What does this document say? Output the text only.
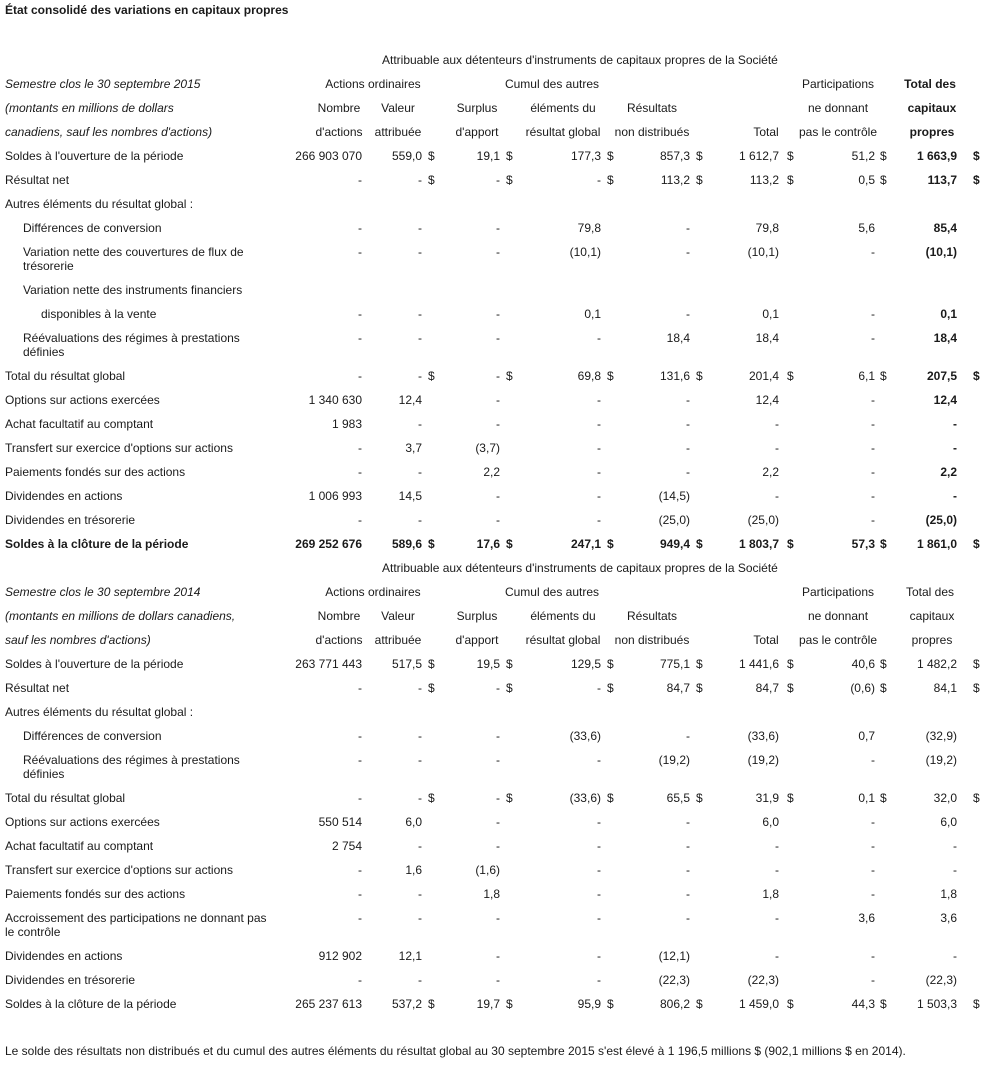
État consolidé des variations en capitaux propres
Attribuable aux détenteurs d'instruments de capitaux propres de la Société
Semestre clos le 30 septembre 2015	Actions ordinaires	Cumul des autres	Participations	Total des
(montants en millions de dollars	Nombre	Valeur	Surplus	éléments du	Résultats	ne donnant	capitaux
canadiens, sauf les nombres d'actions)	d'actions	attribuée	d'apport	résultat global	non distribués	Total	pas le contrôle	propres
Soldes à l'ouverture de la période	266 903 070	559,0 $	19,1 $	177,3 $	857,3 $	1 612,7 $	51,2 $	1 663,9 $
Résultat net	-	- $	- $	- $	113,2 $	113,2 $	0,5 $	113,7 $
Autres éléments du résultat global :
Différences de conversion	-	-	-	79,8	-	79,8	5,6	85,4
Variation nette des couvertures de flux de trésorerie
-	-	-	(10,1)	-	(10,1)	-	(10,1)
Variation nette des instruments financiers
disponibles à la vente	-	-	-	0,1	-	0,1	-	0,1
Réévaluations des régimes à prestations définies
-	-	-	-	18,4	18,4	-	18,4
Total du résultat global	-	- $	- $	69,8 $	131,6 $	201,4 $	6,1 $	207,5 $
Options sur actions exercées	1 340 630	12,4	-	-	-	12,4	-	12,4
Achat facultatif au comptant	1 983	-	-	-	-	-	-	-
Transfert sur exercice d'options sur actions	-	3,7	(3,7)	-	-	-	-	-
Paiements fondés sur des actions	-	-	2,2	-	-	2,2	-	2,2
Dividendes en actions	1 006 993	14,5	-	-	(14,5)	-	-	-
Dividendes en trésorerie	-	-	-	-	(25,0)	(25,0)	-	(25,0)
Soldes à la clôture de la période	269 252 676	589,6 $	17,6 $	247,1 $	949,4 $	1 803,7 $	57,3 $	1 861,0 $
Attribuable aux détenteurs d'instruments de capitaux propres de la Société
Semestre clos le 30 septembre 2014	Actions ordinaires	Cumul des autres	Participations	Total des
(montants en millions de dollars canadiens,	Nombre	Valeur	Surplus	éléments du	Résultats	ne donnant	capitaux
sauf les nombres d'actions)	d'actions	attribuée	d'apport	résultat global	non distribués	Total	pas le contrôle	propres
Soldes à l'ouverture de la période	263 771 443	517,5 $	19,5 $	129,5 $	775,1 $	1 441,6 $	40,6 $	1 482,2 $
Résultat net	-	- $	- $	- $	84,7 $	84,7 $	(0,6) $	84,1 $
Autres éléments du résultat global :
Différences de conversion	-	-	-	(33,6)	-	(33,6)	0,7	(32,9)
Réévaluations des régimes à prestations définies
-	-	-	-	(19,2)	(19,2)	-	(19,2)
Total du résultat global	-	- $	- $	(33,6) $	65,5 $	31,9 $	0,1 $	32,0 $
Options sur actions exercées	550 514	6,0	-	-	-	6,0	-	6,0
Achat facultatif au comptant	2 754	-	-	-	-	-	-	-
Transfert sur exercice d'options sur actions	-	1,6	(1,6)	-	-	-	-	-
Paiements fondés sur des actions	-	-	1,8	-	-	1,8	-	1,8
Accroissement des participations ne donnant pas le contrôle
-	-	-	-	-	-	3,6	3,6
Dividendes en actions	912 902	12,1	-	-	(12,1)	-	-	-
Dividendes en trésorerie	-	-	-	-	(22,3)	(22,3)	-	(22,3)
Soldes à la clôture de la période	265 237 613	537,2 $	19,7 $	95,9 $	806,2 $	1 459,0 $	44,3 $	1 503,3 $
Le solde des résultats non distribués et du cumul des autres éléments du résultat global au 30 septembre 2015 s'est élevé à 1 196,5 millions $ (902,1 millions $ en 2014).
